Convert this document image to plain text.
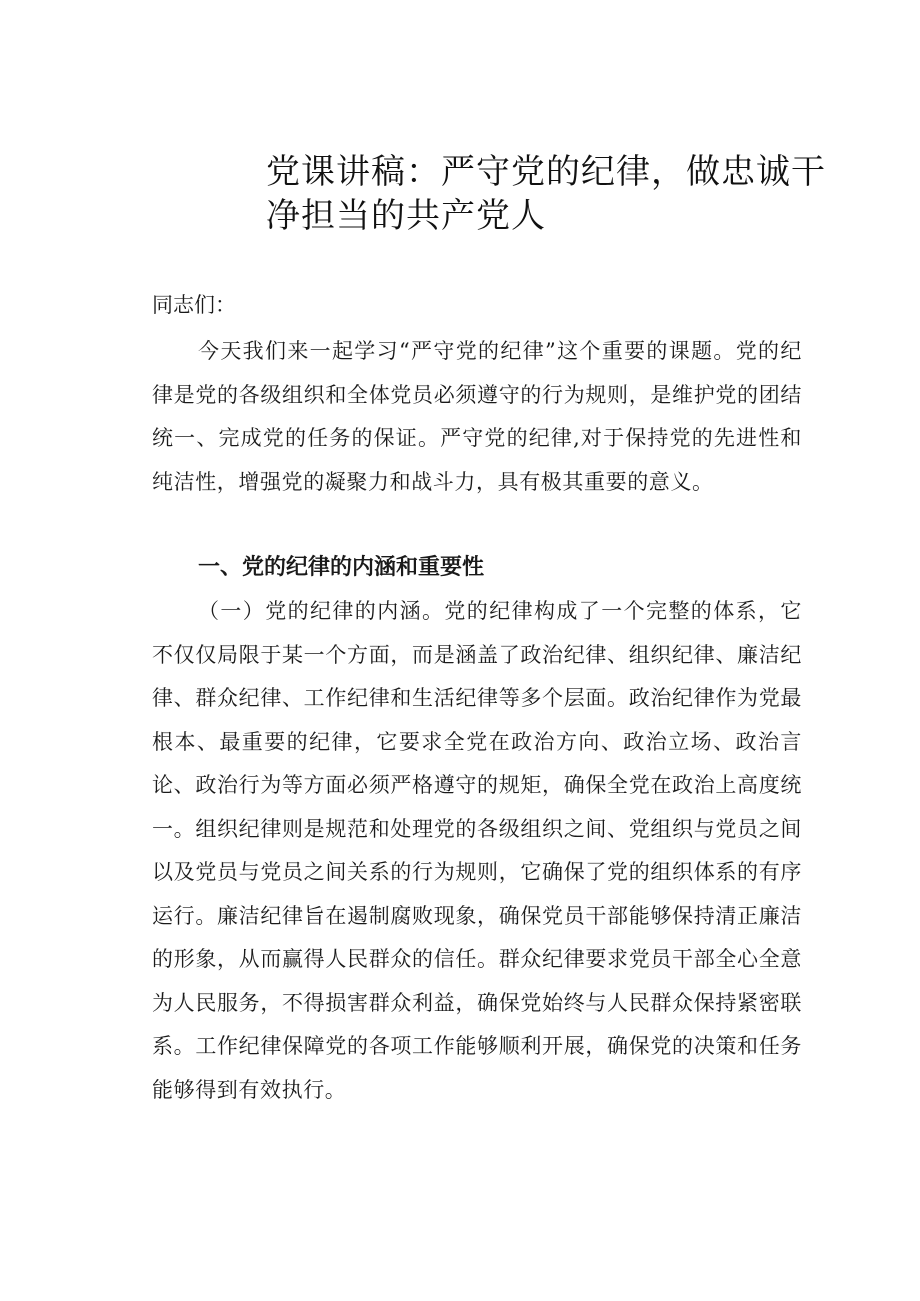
党课讲稿：严守党的纪律，做忠诚干净担当的共产党人

同志们：

今天我们来一起学习“严守党的纪律”这个重要的课题。党的纪律是党的各级组织和全体党员必须遵守的行为规则，是维护党的团结统一、完成党的任务的保证。严守党的纪律,对于保持党的先进性和纯洁性，增强党的凝聚力和战斗力，具有极其重要的意义。

一、党的纪律的内涵和重要性

（一）党的纪律的内涵。党的纪律构成了一个完整的体系，它不仅仅局限于某一个方面，而是涵盖了政治纪律、组织纪律、廉洁纪律、群众纪律、工作纪律和生活纪律等多个层面。政治纪律作为党最根本、最重要的纪律，它要求全党在政治方向、政治立场、政治言论、政治行为等方面必须严格遵守的规矩，确保全党在政治上高度统一。组织纪律则是规范和处理党的各级组织之间、党组织与党员之间以及党员与党员之间关系的行为规则，它确保了党的组织体系的有序运行。廉洁纪律旨在遏制腐败现象，确保党员干部能够保持清正廉洁的形象，从而赢得人民群众的信任。群众纪律要求党员干部全心全意为人民服务，不得损害群众利益，确保党始终与人民群众保持紧密联系。工作纪律保障党的各项工作能够顺利开展，确保党的决策和任务能够得到有效执行。
